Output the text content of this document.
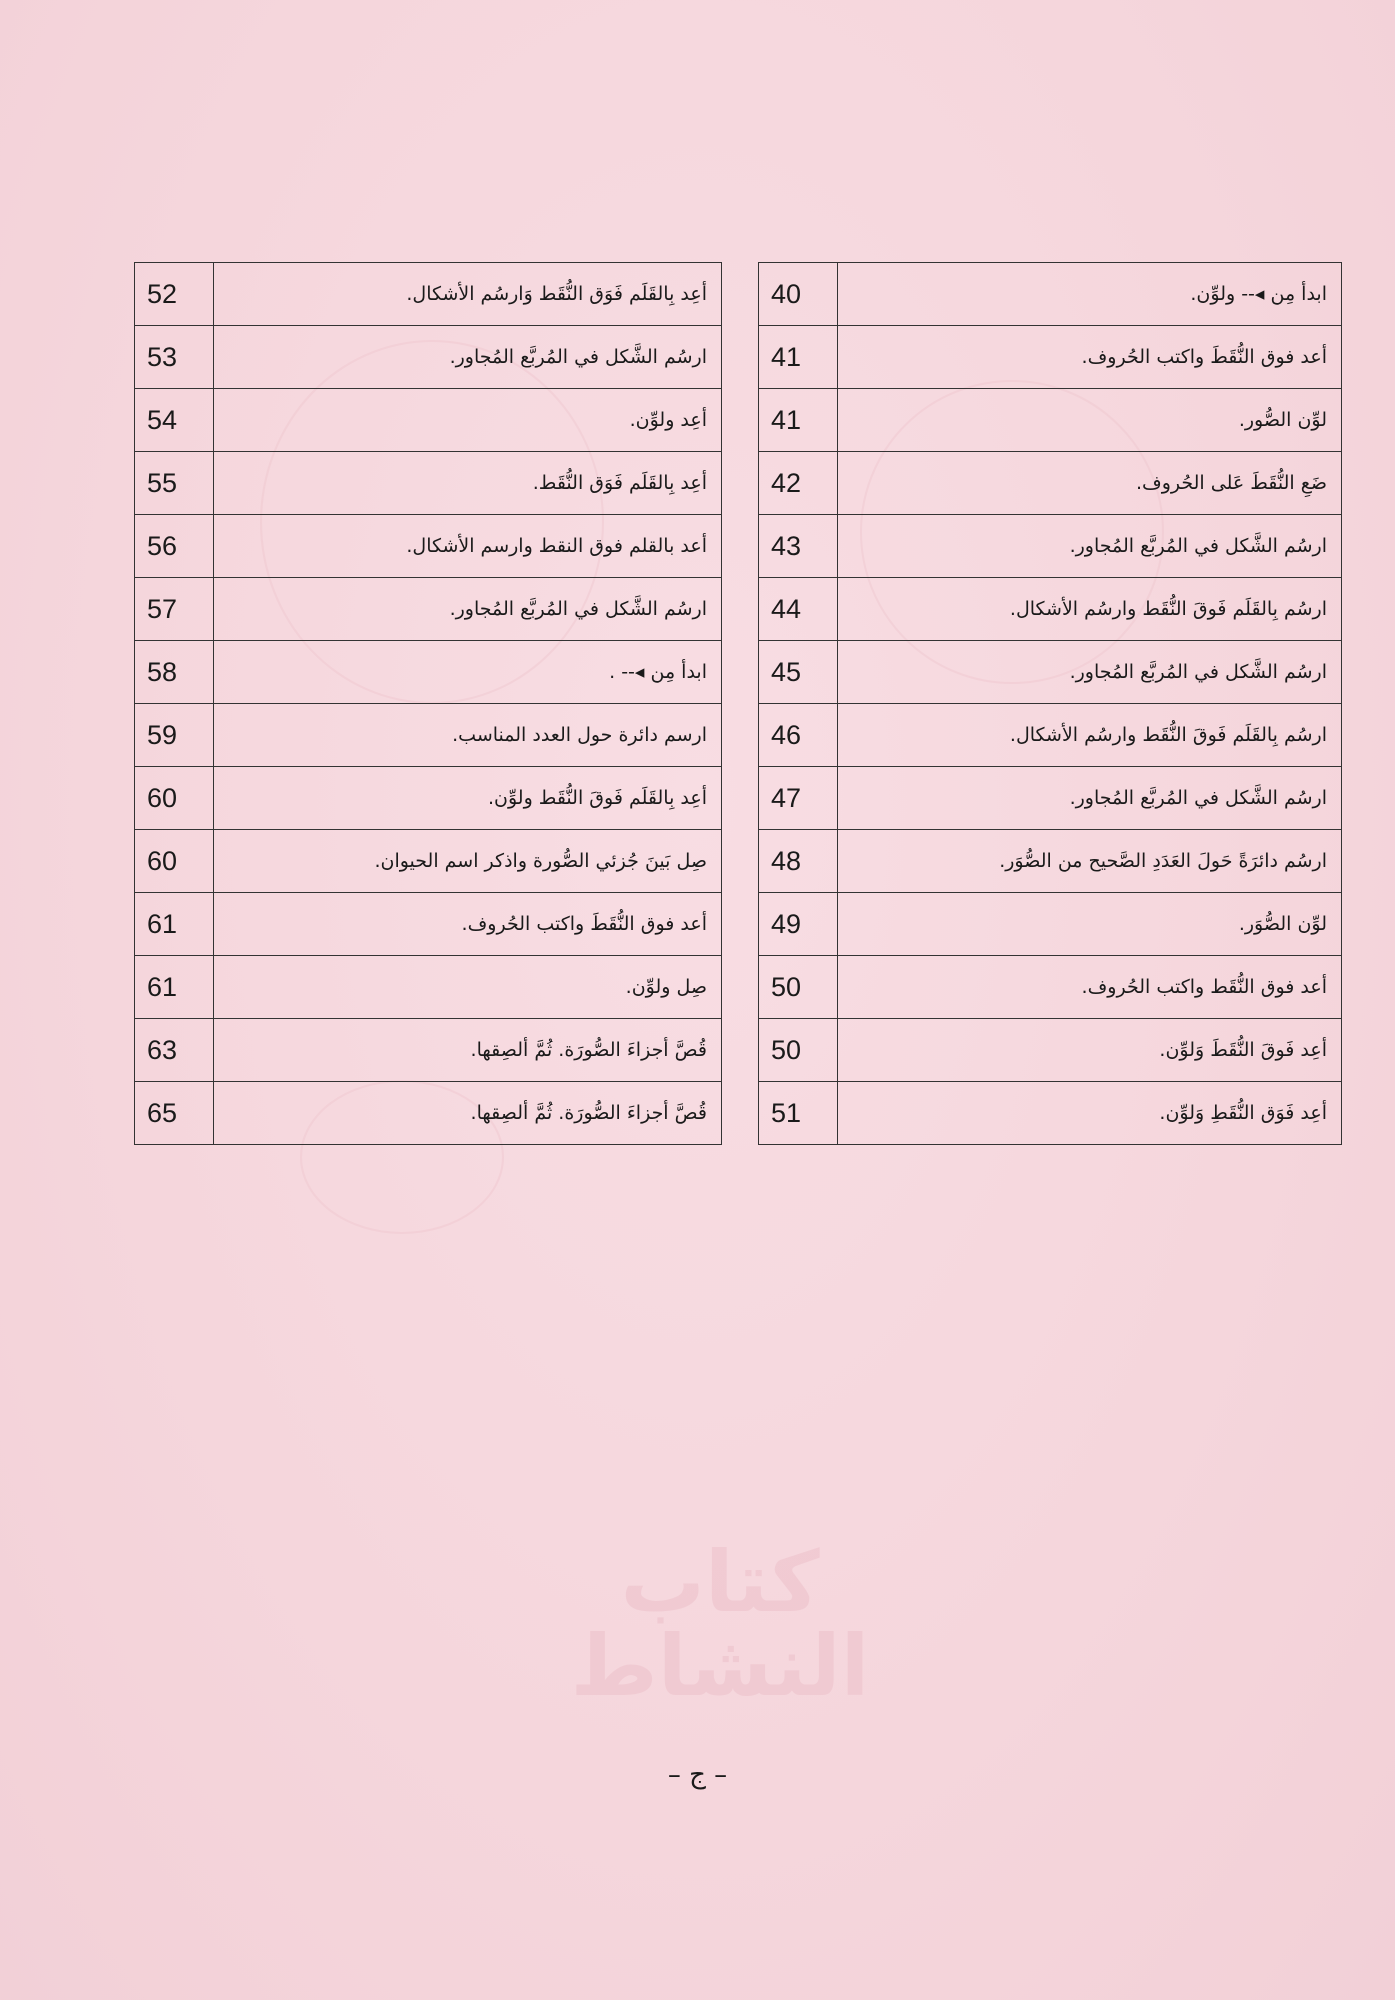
ابدأ مِن ◂-- ولوِّن.	40
أعد فوق النُّقَطَ واكتب الحُروف.	41
لوِّن الصُّور.	41
ضَعِ النُّقَطَ عَلى الحُروف.	42
ارسُم الشَّكل في المُربَّع المُجاور.	43
ارسُم بِالقَلَم فَوقَ النُّقَط وارسُم الأشكال.	44
ارسُم الشَّكل في المُربَّع المُجاور.	45
ارسُم بِالقَلَم فَوقَ النُّقَط وارسُم الأشكال.	46
ارسُم الشَّكل في المُربَّع المُجاور.	47
ارسُم دائرَةً حَولَ العَدَدِ الصَّحيح من الصُّوَر.	48
لوِّن الصُّوَر.	49
أعد فوق النُّقَط واكتب الحُروف.	50
أعِد فَوقَ النُّقَطَ وَلوِّن.	50
أعِد فَوَق النُّقَطِ وَلوِّن.	51
أعِد بِالقَلَم فَوَق النُّقَط وَارسُم الأشكال.	52
ارسُم الشَّكل في المُربَّع المُجاور.	53
أعِد ولوِّن.	54
أعِد بِالقَلَم فَوَق النُّقَط.	55
أعد بالقلم فوق النقط وارسم الأشكال.	56
ارسُم الشَّكل في المُربَّع المُجاور.	57
ابدأ مِن ◂-- .	58
ارسم دائرة حول العدد المناسب.	59
أعِد بِالقَلَم فَوقَ النُّقَط ولوِّن.	60
صِل بَينَ جُزئي الصُّورة واذكر اسم الحيوان.	60
أعد فوق النُّقَطَ واكتب الحُروف.	61
صِل ولوِّن.	61
قُصَّ أجزاءَ الصُّورَة. ثُمَّ ألصِقها.	63
قُصَّ أجزاءَ الصُّورَة. ثُمَّ ألصِقها.	65
– ج –
كتاب النشاط
